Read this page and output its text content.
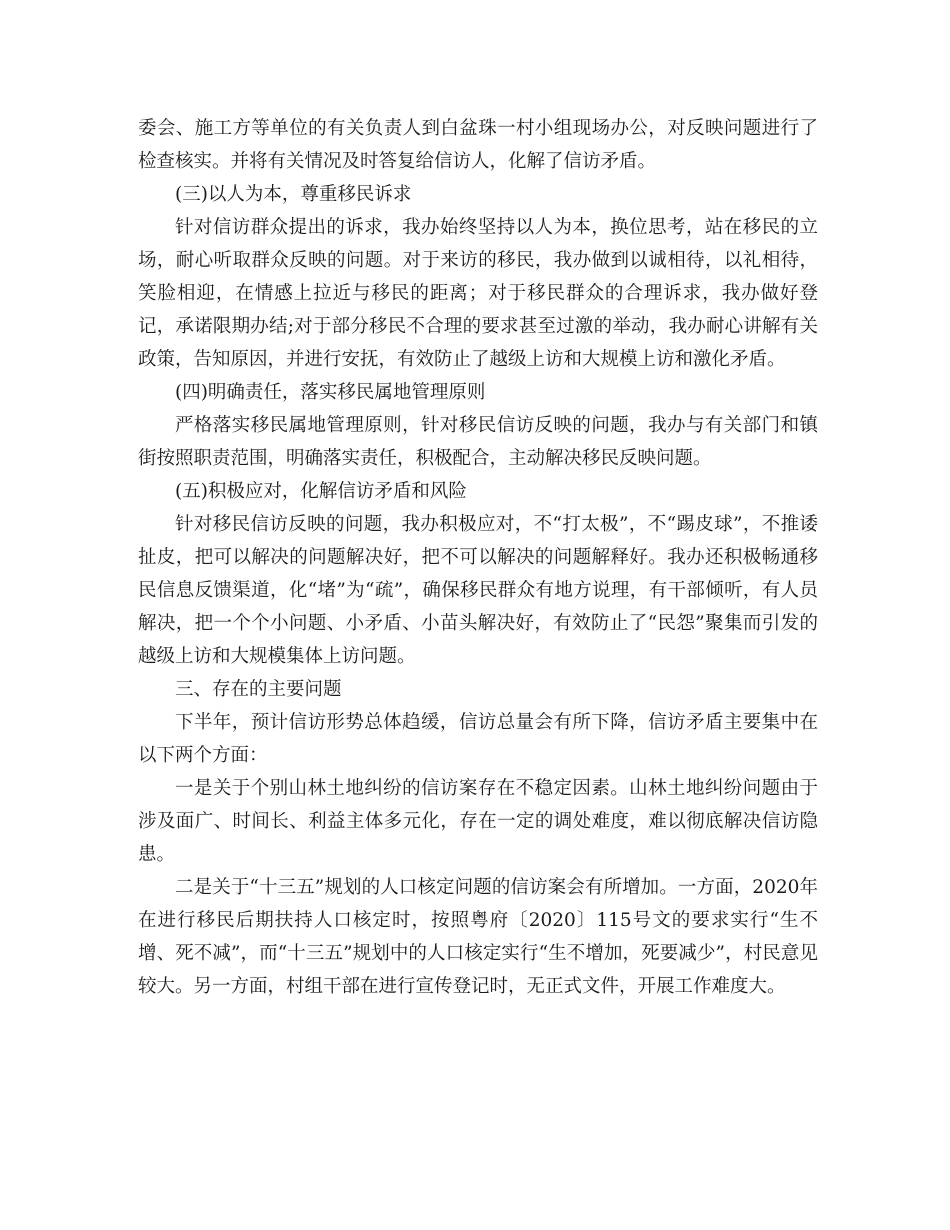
委会、施工方等单位的有关负责人到白盆珠一村小组现场办公，对反映问题进行了检查核实。并将有关情况及时答复给信访人，化解了信访矛盾。

(三)以人为本，尊重移民诉求

针对信访群众提出的诉求，我办始终坚持以人为本，换位思考，站在移民的立场，耐心听取群众反映的问题。对于来访的移民，我办做到以诚相待，以礼相待，笑脸相迎，在情感上拉近与移民的距离；对于移民群众的合理诉求，我办做好登记，承诺限期办结;对于部分移民不合理的要求甚至过激的举动，我办耐心讲解有关政策，告知原因，并进行安抚，有效防止了越级上访和大规模上访和激化矛盾。

(四)明确责任，落实移民属地管理原则

严格落实移民属地管理原则，针对移民信访反映的问题，我办与有关部门和镇街按照职责范围，明确落实责任，积极配合，主动解决移民反映问题。

(五)积极应对，化解信访矛盾和风险

针对移民信访反映的问题，我办积极应对，不“打太极”，不“踢皮球”，不推诿扯皮，把可以解决的问题解决好，把不可以解决的问题解释好。我办还积极畅通移民信息反馈渠道，化“堵”为“疏”，确保移民群众有地方说理，有干部倾听，有人员解决，把一个个小问题、小矛盾、小苗头解决好，有效防止了“民怨”聚集而引发的越级上访和大规模集体上访问题。

三、存在的主要问题

下半年，预计信访形势总体趋缓，信访总量会有所下降，信访矛盾主要集中在以下两个方面：

一是关于个别山林土地纠纷的信访案存在不稳定因素。山林土地纠纷问题由于涉及面广、时间长、利益主体多元化，存在一定的调处难度，难以彻底解决信访隐患。

二是关于“十三五”规划的人口核定问题的信访案会有所增加。一方面，2020年在进行移民后期扶持人口核定时，按照粤府〔2020〕115号文的要求实行“生不增、死不减”，而“十三五”规划中的人口核定实行“生不增加，死要减少”，村民意见较大。另一方面，村组干部在进行宣传登记时，无正式文件，开展工作难度大。
